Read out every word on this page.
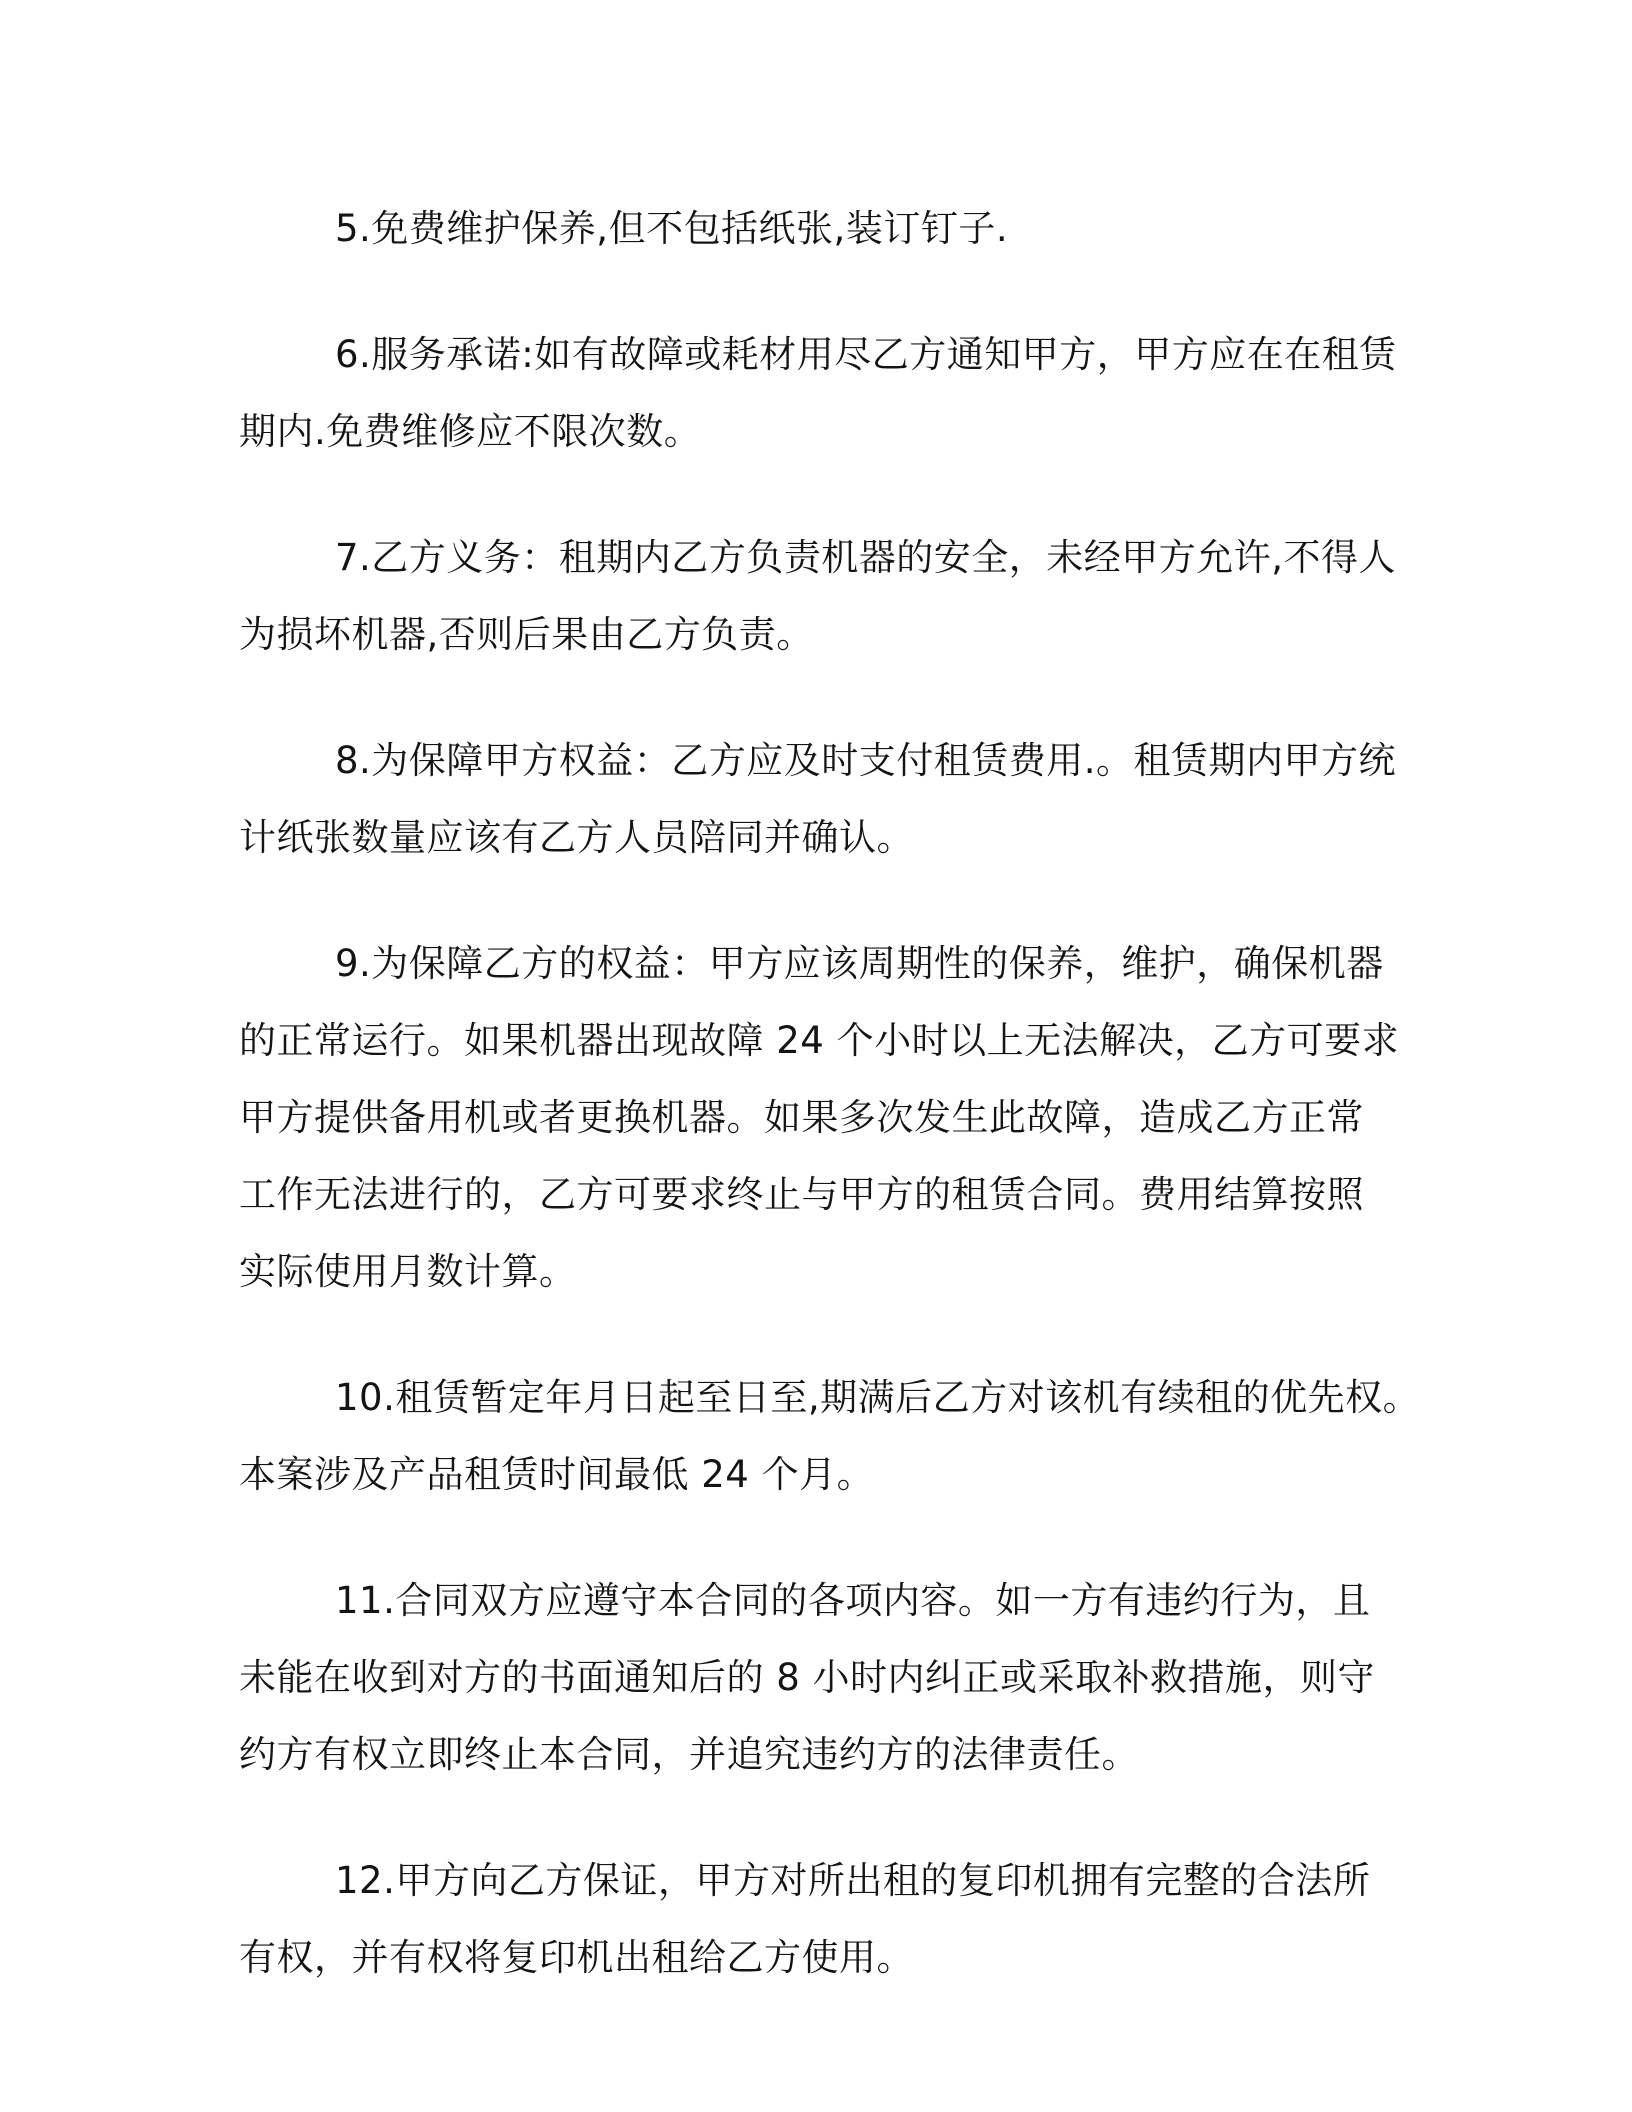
5.免费维护保养,但不包括纸张,装订钉子.

6.服务承诺:如有故障或耗材用尽乙方通知甲方，甲方应在在租赁
期内.免费维修应不限次数。

7.乙方义务：租期内乙方负责机器的安全，未经甲方允许,不得人
为损坏机器,否则后果由乙方负责。

8.为保障甲方权益：乙方应及时支付租赁费用.。租赁期内甲方统
计纸张数量应该有乙方人员陪同并确认。

9.为保障乙方的权益：甲方应该周期性的保养，维护，确保机器
的正常运行。如果机器出现故障 24 个小时以上无法解决，乙方可要求
甲方提供备用机或者更换机器。如果多次发生此故障，造成乙方正常
工作无法进行的，乙方可要求终止与甲方的租赁合同。费用结算按照
实际使用月数计算。

10.租赁暂定年月日起至日至,期满后乙方对该机有续租的优先权。
本案涉及产品租赁时间最低 24 个月。

11.合同双方应遵守本合同的各项内容。如一方有违约行为，且
未能在收到对方的书面通知后的 8 小时内纠正或采取补救措施，则守
约方有权立即终止本合同，并追究违约方的法律责任。

12.甲方向乙方保证，甲方对所出租的复印机拥有完整的合法所
有权，并有权将复印机出租给乙方使用。
